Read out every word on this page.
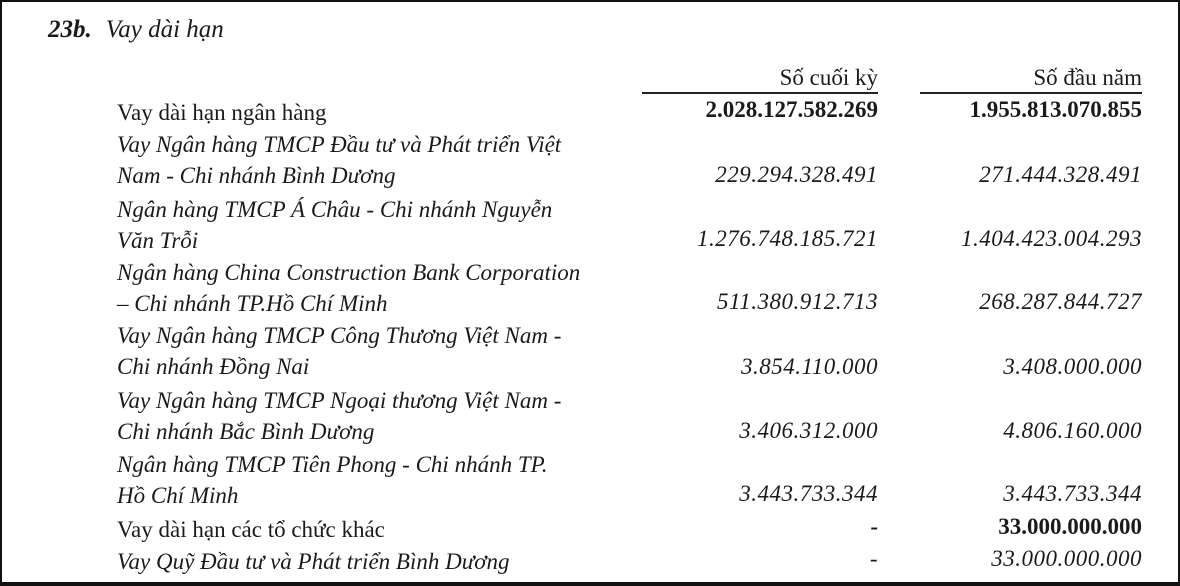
23b. Vay dài hạn
Số cuối kỳ	Số đầu năm
Vay dài hạn ngân hàng	2.028.127.582.269	1.955.813.070.855
Vay Ngân hàng TMCP Đầu tư và Phát triển Việt
Nam - Chi nhánh Bình Dương	229.294.328.491	271.444.328.491
Ngân hàng TMCP Á Châu - Chi nhánh Nguyễn
Văn Trỗi	1.276.748.185.721	1.404.423.004.293
Ngân hàng China Construction Bank Corporation
– Chi nhánh TP.Hồ Chí Minh	511.380.912.713	268.287.844.727
Vay Ngân hàng TMCP Công Thương Việt Nam -
Chi nhánh Đồng Nai	3.854.110.000	3.408.000.000
Vay Ngân hàng TMCP Ngoại thương Việt Nam -
Chi nhánh Bắc Bình Dương	3.406.312.000	4.806.160.000
Ngân hàng TMCP Tiên Phong - Chi nhánh TP.
Hồ Chí Minh	3.443.733.344	3.443.733.344
Vay dài hạn các tổ chức khác	-	33.000.000.000
Vay Quỹ Đầu tư và Phát triển Bình Dương	-	33.000.000.000
